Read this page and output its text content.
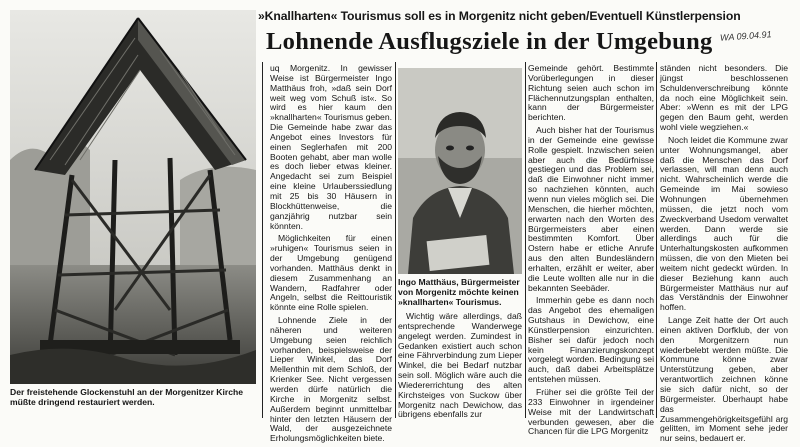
»Knallharten« Tourismus soll es in Morgenitz nicht geben/Eventuell Künstlerpension
WA 09.04.91
Lohnende Ausflugsziele in der Umgebung
Der freistehende Glockenstuhl an der Morgenitzer Kirche müßte dringend restauriert werden.

uq Morgenitz. In gewisser Weise ist Bürgermeister Ingo Matthäus froh, »daß sein Dorf weit weg vom Schuß ist«. So wird es hier kaum den »knallharten« Tourismus geben. Die Gemeinde habe zwar das Angebot eines Investors für einen Seglerhafen mit 200 Booten gehabt, aber man wolle es doch lieber etwas kleiner. Angedacht sei zum Beispiel eine kleine Urlauberssiedlung mit 25 bis 30 Häusern in Blockhüttenweise, die ganzjährig nutzbar sein könnten.

Möglichkeiten für einen »ruhigen« Tourismus seien in der Umgebung genügend vorhanden. Matthäus denkt in diesem Zusammenhang an Wandern, Radfahrer oder Angeln, selbst die Reittouristik könnte eine Rolle spielen.

Lohnende Ziele in der näheren und weiteren Umgebung seien reichlich vorhanden, beispielsweise der Lieper Winkel, das Dorf Mellenthin mit dem Schloß, der Krienker See. Nicht vergessen werden dürfe natürlich die Kirche in Morgenitz selbst. Außerdem beginnt unmittelbar hinter den letzten Häusern der Wald, der ausgezeichnete Erholungsmöglichkeiten biete.

Ingo Matthäus, Bürgermeister von Morgenitz möchte keinen »knallharten« Tourismus.

Wichtig wäre allerdings, daß entsprechende Wanderwege angelegt werden. Zumindest in Gedanken existiert auch schon eine Fährverbindung zum Lieper Winkel, die bei Bedarf nutzbar sein soll. Möglich wäre auch die Wiedererrichtung des alten Kirchsteiges von Suckow über Morgenitz nach Dewichow, das übrigens ebenfalls zur

Gemeinde gehört. Bestimmte Vorüberlegungen in dieser Richtung seien auch schon im Flächennutzungsplan enthalten, kann der Bürgermeister berichten.

Auch bisher hat der Tourismus in der Gemeinde eine gewisse Rolle gespielt. Inzwischen seien aber auch die Bedürfnisse gestiegen und das Problem sei, daß die Einwohner nicht immer so nachziehen könnten, auch wenn nun vieles möglich sei. Die Menschen, die hierher möchten, erwarten nach den Worten des Bürgermeisters aber einen bestimmten Komfort. Über Ostern habe er etliche Anrufe aus den alten Bundesländern erhalten, erzählt er weiter, aber die Leute wollten alle nur in die bekannten Seebäder.

Immerhin gebe es dann noch das Angebot des ehemaligen Gutshaus in Dewichow, eine Künstlerpension einzurichten. Bisher sei dafür jedoch noch kein Finanzierungskonzept vorgelegt worden. Bedingung sei auch, daß dabei Arbeitsplätze entstehen müssen.

Früher sei die größte Teil der 233 Einwohner in irgendeiner Weise mit der Landwirtschaft verbunden gewesen, aber die Chancen für die LPG Morgenitz

ständen nicht besonders. Die jüngst beschlossenen Schuldenverschreibung könnte da noch eine Möglichkeit sein. Aber: »Wenn es mit der LPG gegen den Baum geht, werden wohl viele wegziehen.«

Noch leidet die Kommune zwar unter Wohnungsmangel, aber daß die Menschen das Dorf verlassen, will man denn auch nicht. Wahrscheinlich werde die Gemeinde im Mai sowieso Wohnungen übernehmen müssen, die jetzt noch vom Zweckverband Usedom verwaltet werden. Dann werde sie allerdings auch für die Unterhaltungskosten aufkommen müssen, die von den Mieten bei weitem nicht gedeckt würden. In dieser Beziehung kann auch Bürgermeister Matthäus nur auf das Verständnis der Einwohner hoffen.

Lange Zeit hatte der Ort auch einen aktiven Dorfklub, der von den Morgenitzern nun wiederbelebt werden müßte. Die Kommune könne zwar Unterstützung geben, aber verantwortlich zeichnen könne sie sich dafür nicht, so der Bürgermeister. Überhaupt habe das Zusammengehörigkeitsgefühl arg gelitten, im Moment sehe jeder nur seins, bedauert er.
